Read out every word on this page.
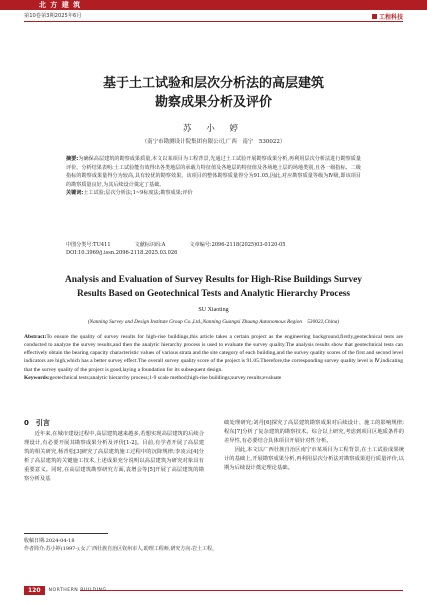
北 方 建 筑
第10卷第3期2025年6月	工程科技
基于土工试验和层次分析法的高层建筑
勘察成果分析及评价
苏 小 婷
（南宁市勘测设计院集团有限公司,广西　南宁　530022）
摘要:为确保高层建筑的勘察成果质量,本文以某项目为工程背景,先通过土工试验开展勘察成果分析,再利用层次分析法进行勘察质量评价。分析结果表明:土工试验能有效得出各类地层的承载力特征值及各地层的特征值及各场地土层的场地类别,且各一级指标、二级指标的勘察成果量得分为较高,具有较优的勘察效果。该项目的整体勘察质量得分为91.05,因此,对应勘察质量等级为Ⅳ级,即该项目的勘察质量良好,为其后续设计奠定了基础。
关键词:土工试验;层次分析法;1~9标度法;勘察成果;评价
中图分类号:TU411	文献标识码:A	文章编号:2096-2118(2025)03-0120-05
DOI:10.3969/j.issn.2096-2118.2025.03.026
Analysis and Evaluation of Survey Results for High-Rise Buildings Survey
Results Based on Geotechnical Tests and Analytic Hierarchy Process
SU Xiaoting
(Nanning Survey and Design Institute Group Co.,Ltd.,Nanning Guangxi Zhuang Autonomous Region　530022,China)
Abstract:To ensure the quality of survey results for high-rise buildings,this article takes a certain project as the engineering background,firstly,geotechnical tests are conducted to analyze the survey results,and then the analytic hierarchy process is used to evaluate the survey quality.The analysis results show that geotechnical tests can effectively obtain the bearing capacity characteristic values of various strata and the site category of each building,and the survey quality scores of the first and second level indicators are high,which has a better survey effect.The overall survey quality score of the project is 91.05.Therefore,the corresponding survey quality level is Ⅳ,indicating that the survey quality of the project is good,laying a foundation for its subsequent design.
Keywords:geotechnical tests;analytic hierarchy process;1-9 scale method;high-rise buildings;survey results;evaluate
0　引言
近年来,在城市建设过程中,高层建筑越来越多,若想实现高层建筑的后续合理设计,有必要开展其勘察成果分析及评价[1-2]。目前,有学者开展了高层建筑的相关研究,杨青松[3]研究了高层建筑施工过程中的沉降规律;李凌云[4]分析了高层建筑的关键施工技术,上述成果充分说明以高层建筑为研究对象具有重要意义。同时,在高层建筑勘察研究方面,袁增会等[5]开展了高层建筑的勘察分析及基
础处理研究;刘丹[6]探究了高层建筑勘察成果对后续设计、施工的影响规律;程东[7]分析了复杂建筑的勘察技术。综合以上研究,考虑到项目区地质条件的差异性,有必要结合具体项目开展针对性分析。
因此,本文以广西壮族自治区南宁市某项目为工程背景,在土工试验成果统计的基础上,开展勘察成果分析,再利用层次分析法对勘察成果进行质量评价,以期为后续设计奠定理论基础。
收稿日期:2024-04-18
作者简介:苏小婷(1997-),女,广西壮族自治区钦州市人,助理工程师,研究方向:岩土工程。
120	NORTHERN BUILDING
